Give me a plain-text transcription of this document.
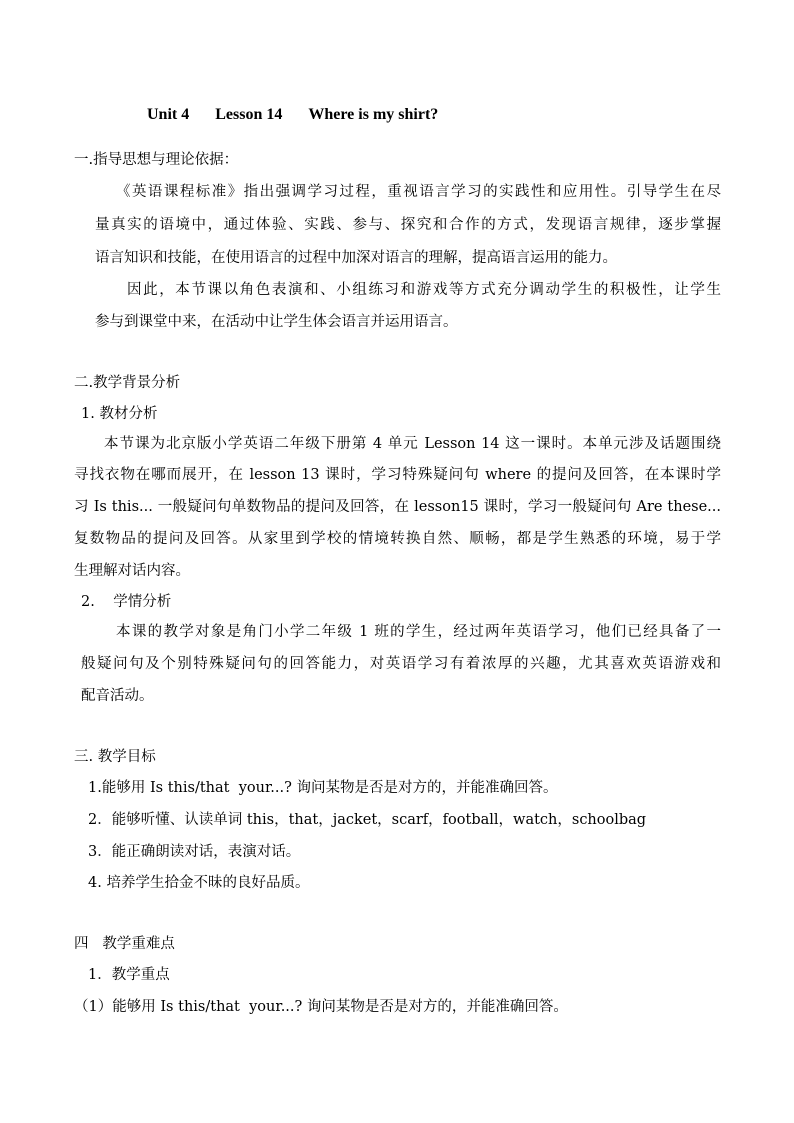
Unit 4 Lesson 14 Where is my shirt?
一.指导思想与理论依据：
《英语课程标准》指出强调学习过程，重视语言学习的实践性和应用性。引导学生在尽
量真实的语境中，通过体验、实践、参与、探究和合作的方式，发现语言规律，逐步掌握
语言知识和技能，在使用语言的过程中加深对语言的理解，提高语言运用的能力。
因此，本节课以角色表演和、小组练习和游戏等方式充分调动学生的积极性，让学生
参与到课堂中来，在活动中让学生体会语言并运用语言。
二.教学背景分析
1. 教材分析
本节课为北京版小学英语二年级下册第 4 单元 Lesson 14 这一课时。本单元涉及话题围绕
寻找衣物在哪而展开，在 lesson 13 课时，学习特殊疑问句 where 的提问及回答，在本课时学
习 Is this... 一般疑问句单数物品的提问及回答，在 lesson15 课时，学习一般疑问句 Are these...
复数物品的提问及回答。从家里到学校的情境转换自然、顺畅，都是学生熟悉的环境，易于学
生理解对话内容。
2.    学情分析
本课的教学对象是角门小学二年级 1 班的学生，经过两年英语学习，他们已经具备了一
般疑问句及个别特殊疑问句的回答能力，对英语学习有着浓厚的兴趣，尤其喜欢英语游戏和
配音活动。
三. 教学目标
1.能够用 Is this/that  your...? 询问某物是否是对方的，并能准确回答。
2．能够听懂、认读单词 this，that，jacket，scarf，football，watch，schoolbag
3．能正确朗读对话，表演对话。
4. 培养学生拾金不昧的良好品质。
四   教学重难点
1．教学重点
（1）能够用 Is this/that  your...? 询问某物是否是对方的，并能准确回答。
